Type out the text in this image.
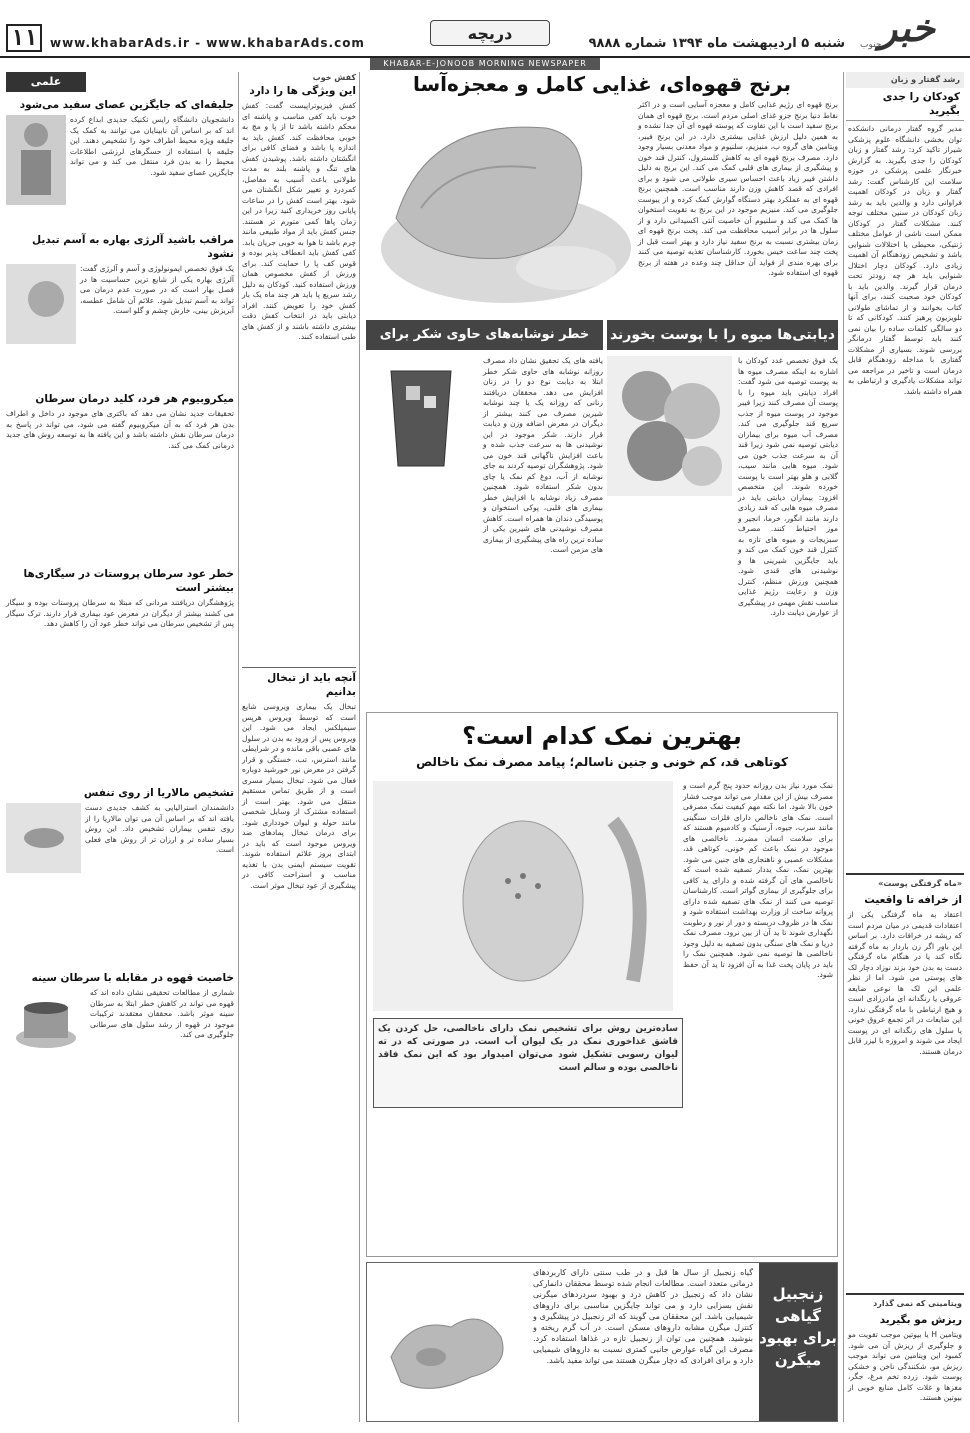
خبر
جنوب
شنبه ۵ اردیبهشت ماه ۱۳۹۴ شماره ۹۸۸۸
دریچه
www.khabarAds.ir - www.khabarAds.com
۱۱
KHABAR-E-JONOOB MORNING NEWSPAPER
رشد گفتار و زبان
کودکان را جدی بگیرید
مدیر گروه گفتار درمانی دانشکده توان بخشی دانشگاه علوم پزشکی شیراز تاکید کرد: رشد گفتار و زبان کودکان را جدی بگیرید. به گزارش خبرنگار علمی پزشکی در حوزه سلامت این کارشناس گفت: رشد گفتار و زبان در کودکان اهمیت فراوانی دارد و والدین باید به رشد زبان کودکان در سنین مختلف توجه کنند. مشکلات گفتار در کودکان ممکن است ناشی از عوامل مختلف ژنتیکی، محیطی یا اختلالات شنوایی باشد و تشخیص زودهنگام آن اهمیت زیادی دارد. کودکان دچار اختلال شنوایی باید هر چه زودتر تحت درمان قرار گیرند. والدین باید با کودکان خود صحبت کنند، برای آنها کتاب بخوانند و از تماشای طولانی تلویزیون پرهیز کنند. کودکانی که تا دو سالگی کلمات ساده را بیان نمی کنند باید توسط گفتار درمانگر بررسی شوند. بسیاری از مشکلات گفتاری با مداخله زودهنگام قابل درمان است و تاخیر در مراجعه می تواند مشکلات یادگیری و ارتباطی به همراه داشته باشد.
«ماه گرفتگی پوست»
از خرافه تا واقعیت
اعتقاد به ماه گرفتگی یکی از اعتقادات قدیمی در میان مردم است که ریشه در خرافات دارد. بر اساس این باور اگر زن باردار به ماه گرفته نگاه کند یا در هنگام ماه گرفتگی دست به بدن خود بزند نوزاد دچار لک های پوستی می شود. اما از نظر علمی این لک ها نوعی ضایعه عروقی یا رنگدانه ای مادرزادی است و هیچ ارتباطی با ماه گرفتگی ندارد. این ضایعات در اثر تجمع عروق خونی یا سلول های رنگدانه ای در پوست ایجاد می شوند و امروزه با لیزر قابل درمان هستند.
ویتامینی که نمی گذارد
ریزش مو بگیرید
ویتامین H یا بیوتین موجب تقویت مو و جلوگیری از ریزش آن می شود. کمبود این ویتامین می تواند موجب ریزش مو، شکنندگی ناخن و خشکی پوست شود. زرده تخم مرغ، جگر، مغزها و غلات کامل منابع خوبی از بیوتین هستند.
برنج قهوه‌ای، غذایی کامل و معجزه‌آسا
برنج قهوه ای رژیم غذایی کامل و معجزه آسایی است و در اکثر نقاط دنیا برنج جزو غذای اصلی مردم است. برنج قهوه ای همان برنج سفید است با این تفاوت که پوسته قهوه ای آن جدا نشده و به همین دلیل ارزش غذایی بیشتری دارد. در این برنج فیبر، ویتامین های گروه ب، منیزیم، سلنیوم و مواد معدنی بسیار وجود دارد. مصرف برنج قهوه ای به کاهش کلسترول، کنترل قند خون و پیشگیری از بیماری های قلبی کمک می کند. این برنج به دلیل داشتن فیبر زیاد باعث احساس سیری طولانی می شود و برای افرادی که قصد کاهش وزن دارند مناسب است. همچنین برنج قهوه ای به عملکرد بهتر دستگاه گوارش کمک کرده و از یبوست جلوگیری می کند. منیزیم موجود در این برنج به تقویت استخوان ها کمک می کند و سلنیوم آن خاصیت آنتی اکسیدانی دارد و از سلول ها در برابر آسیب محافظت می کند. پخت برنج قهوه ای زمان بیشتری نسبت به برنج سفید نیاز دارد و بهتر است قبل از پخت چند ساعت خیس بخورد. کارشناسان تغذیه توصیه می کنند برای بهره مندی از فواید آن حداقل چند وعده در هفته از برنج قهوه ای استفاده شود.
دیابتی‌ها میوه را با پوست بخورند
یک فوق تخصص غدد کودکان با اشاره به اینکه مصرف میوه ها به پوست توصیه می شود گفت: افراد دیابتی باید میوه را با پوست آن مصرف کنند زیرا فیبر موجود در پوست میوه از جذب سریع قند جلوگیری می کند. مصرف آب میوه برای بیماران دیابتی توصیه نمی شود زیرا قند آن به سرعت جذب خون می شود. میوه هایی مانند سیب، گلابی و هلو بهتر است با پوست خورده شوند. این متخصص افزود: بیماران دیابتی باید در مصرف میوه هایی که قند زیادی دارند مانند انگور، خرما، انجیر و موز احتیاط کنند. مصرف سبزیجات و میوه های تازه به کنترل قند خون کمک می کند و باید جایگزین شیرینی ها و نوشیدنی های قندی شود. همچنین ورزش منظم، کنترل وزن و رعایت رژیم غذایی مناسب نقش مهمی در پیشگیری از عوارض دیابت دارد.
خطر نوشابه‌های حاوی شکر برای خانم‌ها
یافته های یک تحقیق نشان داد مصرف روزانه نوشابه های حاوی شکر خطر ابتلا به دیابت نوع دو را در زنان افزایش می دهد. محققان دریافتند زنانی که روزانه یک یا چند نوشابه شیرین مصرف می کنند بیشتر از دیگران در معرض اضافه وزن و دیابت قرار دارند. شکر موجود در این نوشیدنی ها به سرعت جذب شده و باعث افزایش ناگهانی قند خون می شود. پژوهشگران توصیه کردند به جای نوشابه از آب، دوغ کم نمک یا چای بدون شکر استفاده شود. همچنین مصرف زیاد نوشابه با افزایش خطر بیماری های قلبی، پوکی استخوان و پوسیدگی دندان ها همراه است. کاهش مصرف نوشیدنی های شیرین یکی از ساده ترین راه های پیشگیری از بیماری های مزمن است.
بهترین نمک کدام است؟
کوتاهی قد، کم خونی و جنین ناسالم؛ پیامد مصرف نمک ناخالص
نمک مورد نیاز بدن روزانه حدود پنج گرم است و مصرف بیش از این مقدار می تواند موجب فشار خون بالا شود. اما نکته مهم کیفیت نمک مصرفی است. نمک های ناخالص دارای فلزات سنگینی مانند سرب، جیوه، آرسنیک و کادمیوم هستند که برای سلامت انسان مضرند. ناخالصی های موجود در نمک باعث کم خونی، کوتاهی قد، مشکلات عصبی و ناهنجاری های جنین می شود. بهترین نمک، نمک یددار تصفیه شده است که ناخالصی های آن گرفته شده و دارای ید کافی برای جلوگیری از بیماری گواتر است. کارشناسان توصیه می کنند از نمک های تصفیه شده دارای پروانه ساخت از وزارت بهداشت استفاده شود و نمک ها در ظروف دربسته و دور از نور و رطوبت نگهداری شوند تا ید آن از بین نرود. مصرف نمک دریا و نمک های سنگی بدون تصفیه به دلیل وجود ناخالصی ها توصیه نمی شود. همچنین نمک را باید در پایان پخت غذا به آن افزود تا ید آن حفظ شود.
ساده‌ترین روش برای تشخیص نمک دارای ناخالصی، حل کردن یک قاشق غذاخوری نمک در یک لیوان آب است. در صورتی که در ته لیوان رسوبی تشکیل شود می‌توان امیدوار بود که این نمک فاقد ناخالصی بوده و سالم است
زنجبیل
گیاهی
برای بهبود
میگرن
گیاه زنجبیل از سال ها قبل و در طب سنتی دارای کاربردهای درمانی متعدد است. مطالعات انجام شده توسط محققان دانمارکی نشان داد که زنجبیل در کاهش درد و بهبود سردردهای میگرنی نقش بسزایی دارد و می تواند جایگزین مناسبی برای داروهای شیمیایی باشد. این محققان می گویند که اثر زنجبیل در پیشگیری و کنترل میگرن مشابه داروهای مسکن است. در آب گرم ریخته و بنوشید. همچنین می توان از زنجبیل تازه در غذاها استفاده کرد. مصرف این گیاه عوارض جانبی کمتری نسبت به داروهای شیمیایی دارد و برای افرادی که دچار میگرن هستند می تواند مفید باشد.
کفش خوب
این ویژگی ها را دارد
کفش فیزیوتراپیست گفت: کفش خوب باید کفی مناسب و پاشنه ای محکم داشته باشد تا از پا و مچ به خوبی محافظت کند. کفش باید به اندازه پا باشد و فضای کافی برای انگشتان داشته باشد. پوشیدن کفش های تنگ و پاشنه بلند به مدت طولانی باعث آسیب به مفاصل، کمردرد و تغییر شکل انگشتان می شود. بهتر است کفش را در ساعات پایانی روز خریداری کنید زیرا در این زمان پاها کمی متورم تر هستند. جنس کفش باید از مواد طبیعی مانند چرم باشد تا هوا به خوبی جریان یابد. کفی کفش باید انعطاف پذیر بوده و قوس کف پا را حمایت کند. برای ورزش از کفش مخصوص همان ورزش استفاده کنید. کودکان به دلیل رشد سریع پا باید هر چند ماه یک بار کفش خود را تعویض کنند. افراد دیابتی باید در انتخاب کفش دقت بیشتری داشته باشند و از کفش های طبی استفاده کنند.
آنچه باید از تبخال بدانیم
تبخال یک بیماری ویروسی شایع است که توسط ویروس هرپس سیمپلکس ایجاد می شود. این ویروس پس از ورود به بدن در سلول های عصبی باقی مانده و در شرایطی مانند استرس، تب، خستگی و قرار گرفتن در معرض نور خورشید دوباره فعال می شود. تبخال بسیار مسری است و از طریق تماس مستقیم منتقل می شود. بهتر است از استفاده مشترک از وسایل شخصی مانند حوله و لیوان خودداری شود. برای درمان تبخال پمادهای ضد ویروس موجود است که باید در ابتدای بروز علائم استفاده شوند. تقویت سیستم ایمنی بدن با تغذیه مناسب و استراحت کافی در پیشگیری از عود تبخال موثر است.
علمی
جلیقه‌ای که جایگزین عصای سفید می‌شود
دانشجویان دانشگاه رایس تکنیک جدیدی ابداع کرده اند که بر اساس آن نابینایان می توانند به کمک یک جلیقه ویژه محیط اطراف خود را تشخیص دهند. این جلیقه با استفاده از حسگرهای لرزشی اطلاعات محیط را به بدن فرد منتقل می کند و می تواند جایگزین عصای سفید شود.
مراقب باشید آلرژی بهاره به آسم تبدیل نشود
یک فوق تخصص ایمونولوژی و آسم و آلرژی گفت: آلرژی بهاره یکی از شایع ترین حساسیت ها در فصل بهار است که در صورت عدم درمان می تواند به آسم تبدیل شود. علائم آن شامل عطسه، آبریزش بینی، خارش چشم و گلو است.
میکروبیوم هر فرد، کلید درمان سرطان
تحقیقات جدید نشان می دهد که باکتری های موجود در داخل و اطراف بدن هر فرد که به آن میکروبیوم گفته می شود، می تواند در پاسخ به درمان سرطان نقش داشته باشد و این یافته ها به توسعه روش های جدید درمانی کمک می کند.
خطر عود سرطان پروستات در سیگاری‌ها بیشتر است
پژوهشگران دریافتند مردانی که مبتلا به سرطان پروستات بوده و سیگار می کشند بیشتر از دیگران در معرض عود بیماری قرار دارند. ترک سیگار پس از تشخیص سرطان می تواند خطر عود آن را کاهش دهد.
تشخیص مالاریا از روی تنفس
دانشمندان استرالیایی به کشف جدیدی دست یافته اند که بر اساس آن می توان مالاریا را از روی تنفس بیماران تشخیص داد. این روش بسیار ساده تر و ارزان تر از روش های فعلی است.
خاصیت قهوه در مقابله با سرطان سینه
شماری از مطالعات تحقیقی نشان داده اند که قهوه می تواند در کاهش خطر ابتلا به سرطان سینه موثر باشد. محققان معتقدند ترکیبات موجود در قهوه از رشد سلول های سرطانی جلوگیری می کند.
